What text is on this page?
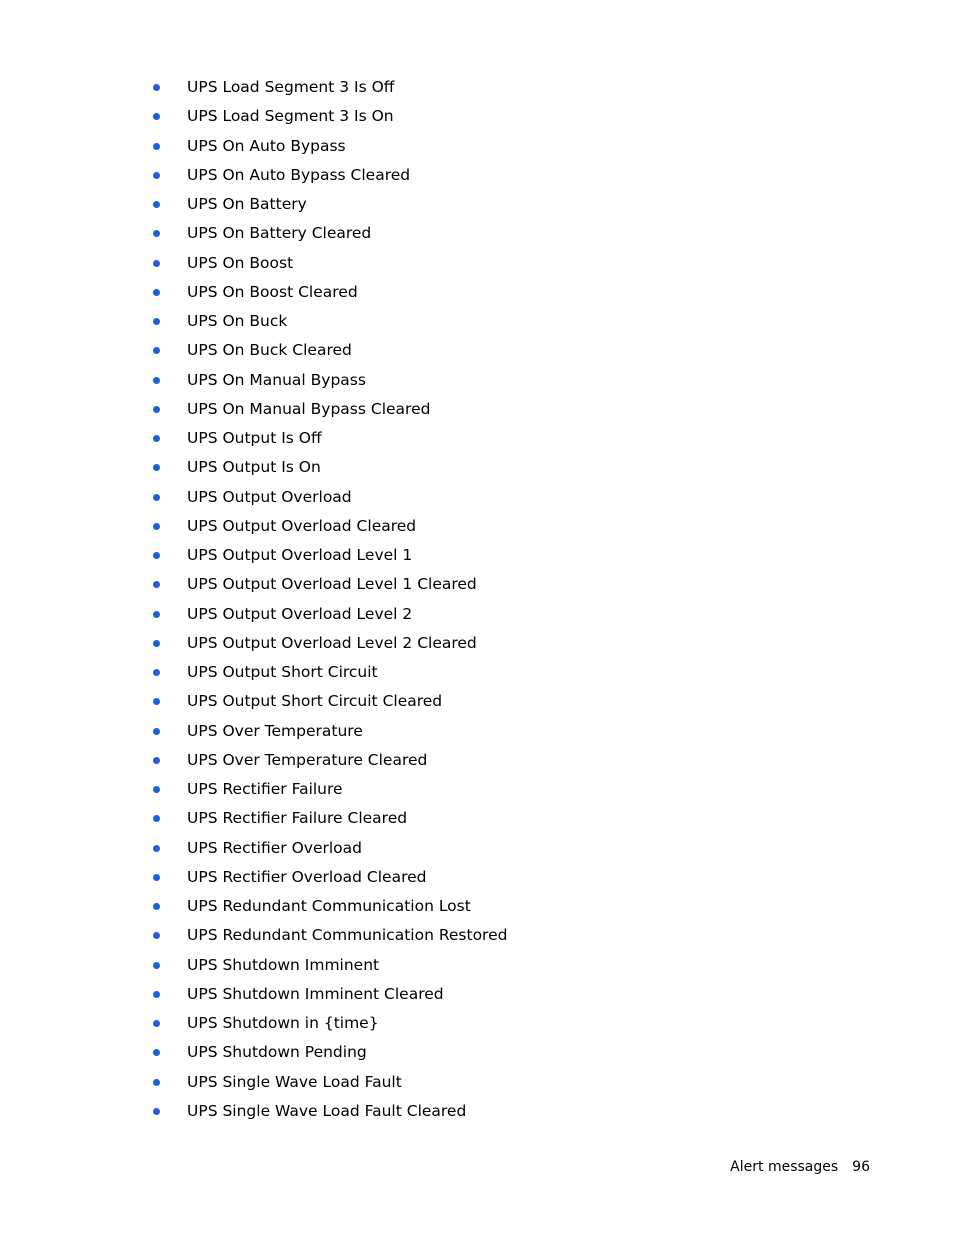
UPS Load Segment 3 Is Off
UPS Load Segment 3 Is On
UPS On Auto Bypass
UPS On Auto Bypass Cleared
UPS On Battery
UPS On Battery Cleared
UPS On Boost
UPS On Boost Cleared
UPS On Buck
UPS On Buck Cleared
UPS On Manual Bypass
UPS On Manual Bypass Cleared
UPS Output Is Off
UPS Output Is On
UPS Output Overload
UPS Output Overload Cleared
UPS Output Overload Level 1
UPS Output Overload Level 1 Cleared
UPS Output Overload Level 2
UPS Output Overload Level 2 Cleared
UPS Output Short Circuit
UPS Output Short Circuit Cleared
UPS Over Temperature
UPS Over Temperature Cleared
UPS Rectifier Failure
UPS Rectifier Failure Cleared
UPS Rectifier Overload
UPS Rectifier Overload Cleared
UPS Redundant Communication Lost
UPS Redundant Communication Restored
UPS Shutdown Imminent
UPS Shutdown Imminent Cleared
UPS Shutdown in {time}
UPS Shutdown Pending
UPS Single Wave Load Fault
UPS Single Wave Load Fault Cleared
Alert messages 96
